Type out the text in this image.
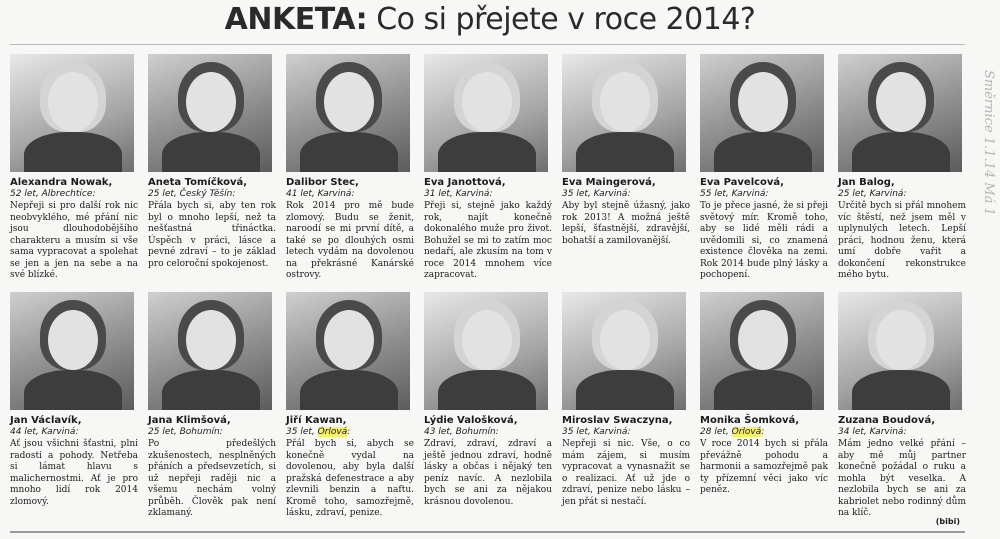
ANKETA: Co si přejete v roce 2014?
Alexandra Nowak,
52 let, Albrechtice:
Nepřeji si pro další rok nic neobvyklého, mé přání nic jsou dlouhodobějšího charakteru a musím si vše sama vypracovat a spolehat se jen a jen na sebe a na své blízké.
Aneta Tomíčková,
25 let, Český Těšín:
Přála bych si, aby ten rok byl o mnoho lepší, než ta nešťastná třináctka. Úspěch v práci, lásce a pevné zdraví – to je základ pro celoroční spokojenost.
Dalibor Stec,
41 let, Karviná:
Rok 2014 pro mě bude zlomový. Budu se ženit, naroodí se mi první dítě, a také se po dlouhých osmi letech vydám na dovolenou na překrásné Kanárské ostrovy.
Eva Janottová,
31 let, Karviná:
Přeji si, stejně jako každý rok, najít konečně dokonalého muže pro život. Bohužel se mi to zatím moc nedaří, ale zkusím na tom v roce 2014 mnohem více zapracovat.
Eva Maingerová,
35 let, Karviná:
Aby byl stejně úžasný, jako rok 2013! A možná ještě lepší, šťastnější, zdravější, bohatší a zamilovanější.
Eva Pavelcová,
55 let, Karviná:
To je přece jasné, že si přeji světový mír. Kromě toho, aby se lidé měli rádi a uvědomili si, co znamená existence člověka na zemi. Rok 2014 bude plný lásky a pochopení.
Jan Balog,
25 let, Karviná:
Určitě bych si přál mnohem víc štěstí, než jsem měl v uplynulých letech. Lepší práci, hodnou ženu, která umí dobře vařit a dokončení rekonstrukce mého bytu.
Jan Václavík,
44 let, Karviná:
Ať jsou všichni šťastni, plni radosti a pohody. Netřeba si lámat hlavu s malichernostmi. Ať je pro mnoho lidí rok 2014 zlomový.
Jana Klimšová,
25 let, Bohumín:
Po předešlých zkušenostech, nesplněných přáních a předsevzetích, si už nepřeji raději nic a všemu nechám volný průběh. Člověk pak není zklamaný.
Jiří Kawan,
35 let, Orlová:
Přál bych si, abych se konečně vydal na dovolenou, aby byla další pražská defenestrace a aby zlevnili benzin a naftu. Kromě toho, samozřejmě, lásku, zdraví, penize.
Lýdie Valošková,
43 let, Bohumín:
Zdraví, zdraví, zdraví a ještě jednou zdraví, hodně lásky a občas i nějaký ten peníz navíc. A nezlobila bych se ani za nějakou krásnou dovolenou.
Miroslav Swaczyna,
35 let, Karviná:
Nepřeji si nic. Vše, o co mám zájem, si musím vypracovat a vynasnažit se o realizaci. Ať už jde o zdraví, penize nebo lásku – jen přát si nestačí.
Monika Šomková,
28 let, Orlová:
V roce 2014 bych si přála převážně pohodu a harmonii a samozřejmě pak ty přízemní věci jako víc peněz.
Zuzana Boudová,
34 let, Karviná:
Mám jedno velké přání – aby mě můj partner konečně požádal o ruku a mohla být veselka. A nezlobila bych se ani za kabriolet nebo rodinný dům na klíč.
(bibi)
Směrnice 1.1.14 Má 1
